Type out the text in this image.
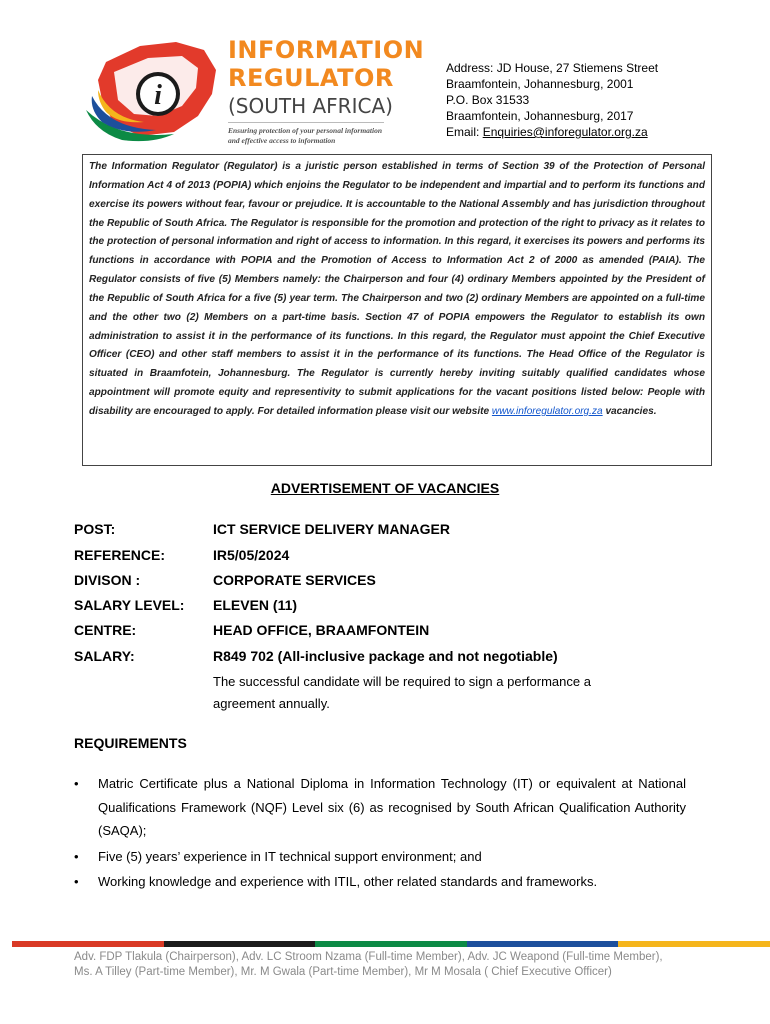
i
INFORMATION
REGULATOR
(SOUTH AFRICA)
Ensuring protection of your personal information
and effective access to information
Address: JD House, 27 Stiemens Street
Braamfontein, Johannesburg, 2001
P.O. Box 31533
Braamfontein, Johannesburg, 2017
Email: Enquiries@inforegulator.org.za
The Information Regulator (Regulator) is a juristic person established in terms of Section 39 of the Protection of Personal Information Act 4 of 2013 (POPIA) which enjoins the Regulator to be independent and impartial and to perform its functions and exercise its powers without fear, favour or prejudice. It is accountable to the National Assembly and has jurisdiction throughout the Republic of South Africa. The Regulator is responsible for the promotion and protection of the right to privacy as it relates to the protection of personal information and right of access to information. In this regard, it exercises its powers and performs its functions in accordance with POPIA and the Promotion of Access to Information Act 2 of 2000 as amended (PAIA). The Regulator consists of five (5) Members namely: the Chairperson and four (4) ordinary Members appointed by the President of the Republic of South Africa for a five (5) year term. The Chairperson and two (2) ordinary Members are appointed on a full-time and the other two (2) Members on a part-time basis. Section 47 of POPIA empowers the Regulator to establish its own administration to assist it in the performance of its functions. In this regard, the Regulator must appoint the Chief Executive Officer (CEO) and other staff members to assist it in the performance of its functions. The Head Office of the Regulator is situated in Braamfotein, Johannesburg. The Regulator is currently hereby inviting suitably qualified candidates whose appointment will promote equity and representivity to submit applications for the vacant positions listed below: People with disability are encouraged to apply. For detailed information please visit our website www.inforegulator.org.za vacancies.
ADVERTISEMENT OF VACANCIES
POST:	ICT SERVICE DELIVERY MANAGER
REFERENCE:	IR5/05/2024
DIVISON :	CORPORATE SERVICES
SALARY LEVEL: ELEVEN (11)
CENTRE:	HEAD OFFICE, BRAAMFONTEIN
SALARY:	R849 702 (All-inclusive package and not negotiable)
The successful candidate will be required to sign a performance a agreement annually.
REQUIREMENTS
• Matric Certificate plus a National Diploma in Information Technology (IT) or equivalent at National Qualifications Framework (NQF) Level six (6) as recognised by South African Qualification Authority (SAQA);
• Five (5) years’ experience in IT technical support environment; and
• Working knowledge and experience with ITIL, other related standards and frameworks.
Adv. FDP Tlakula (Chairperson), Adv. LC Stroom Nzama (Full-time Member), Adv. JC Weapond (Full-time Member), Ms. A Tilley (Part-time Member), Mr. M Gwala (Part-time Member), Mr M Mosala ( Chief Executive Officer)
